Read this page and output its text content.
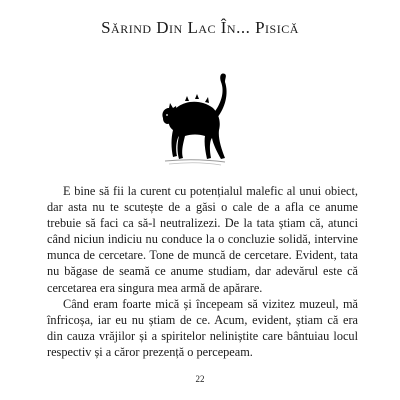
Sărind Din Lac În... Pisică

E bine să fii la curent cu potențialul malefic al unui obiect, dar asta nu te scutește de a găsi o cale de a afla ce anume trebuie să faci ca să-l neutralizezi. De la tata știam că, atunci când niciun indiciu nu conduce la o concluzie solidă, intervine munca de cercetare. Tone de muncă de cercetare. Evident, tata nu băgase de seamă ce anume studiam, dar adevărul este că cercetarea era singura mea armă de apărare.

Când eram foarte mică și începeam să vizitez muzeul, mă înfricoșa, iar eu nu știam de ce. Acum, evident, știam că era din cauza vrăjilor și a spiritelor neliniștite care bântuiau locul respectiv și a căror prezență o percepeam.

22
